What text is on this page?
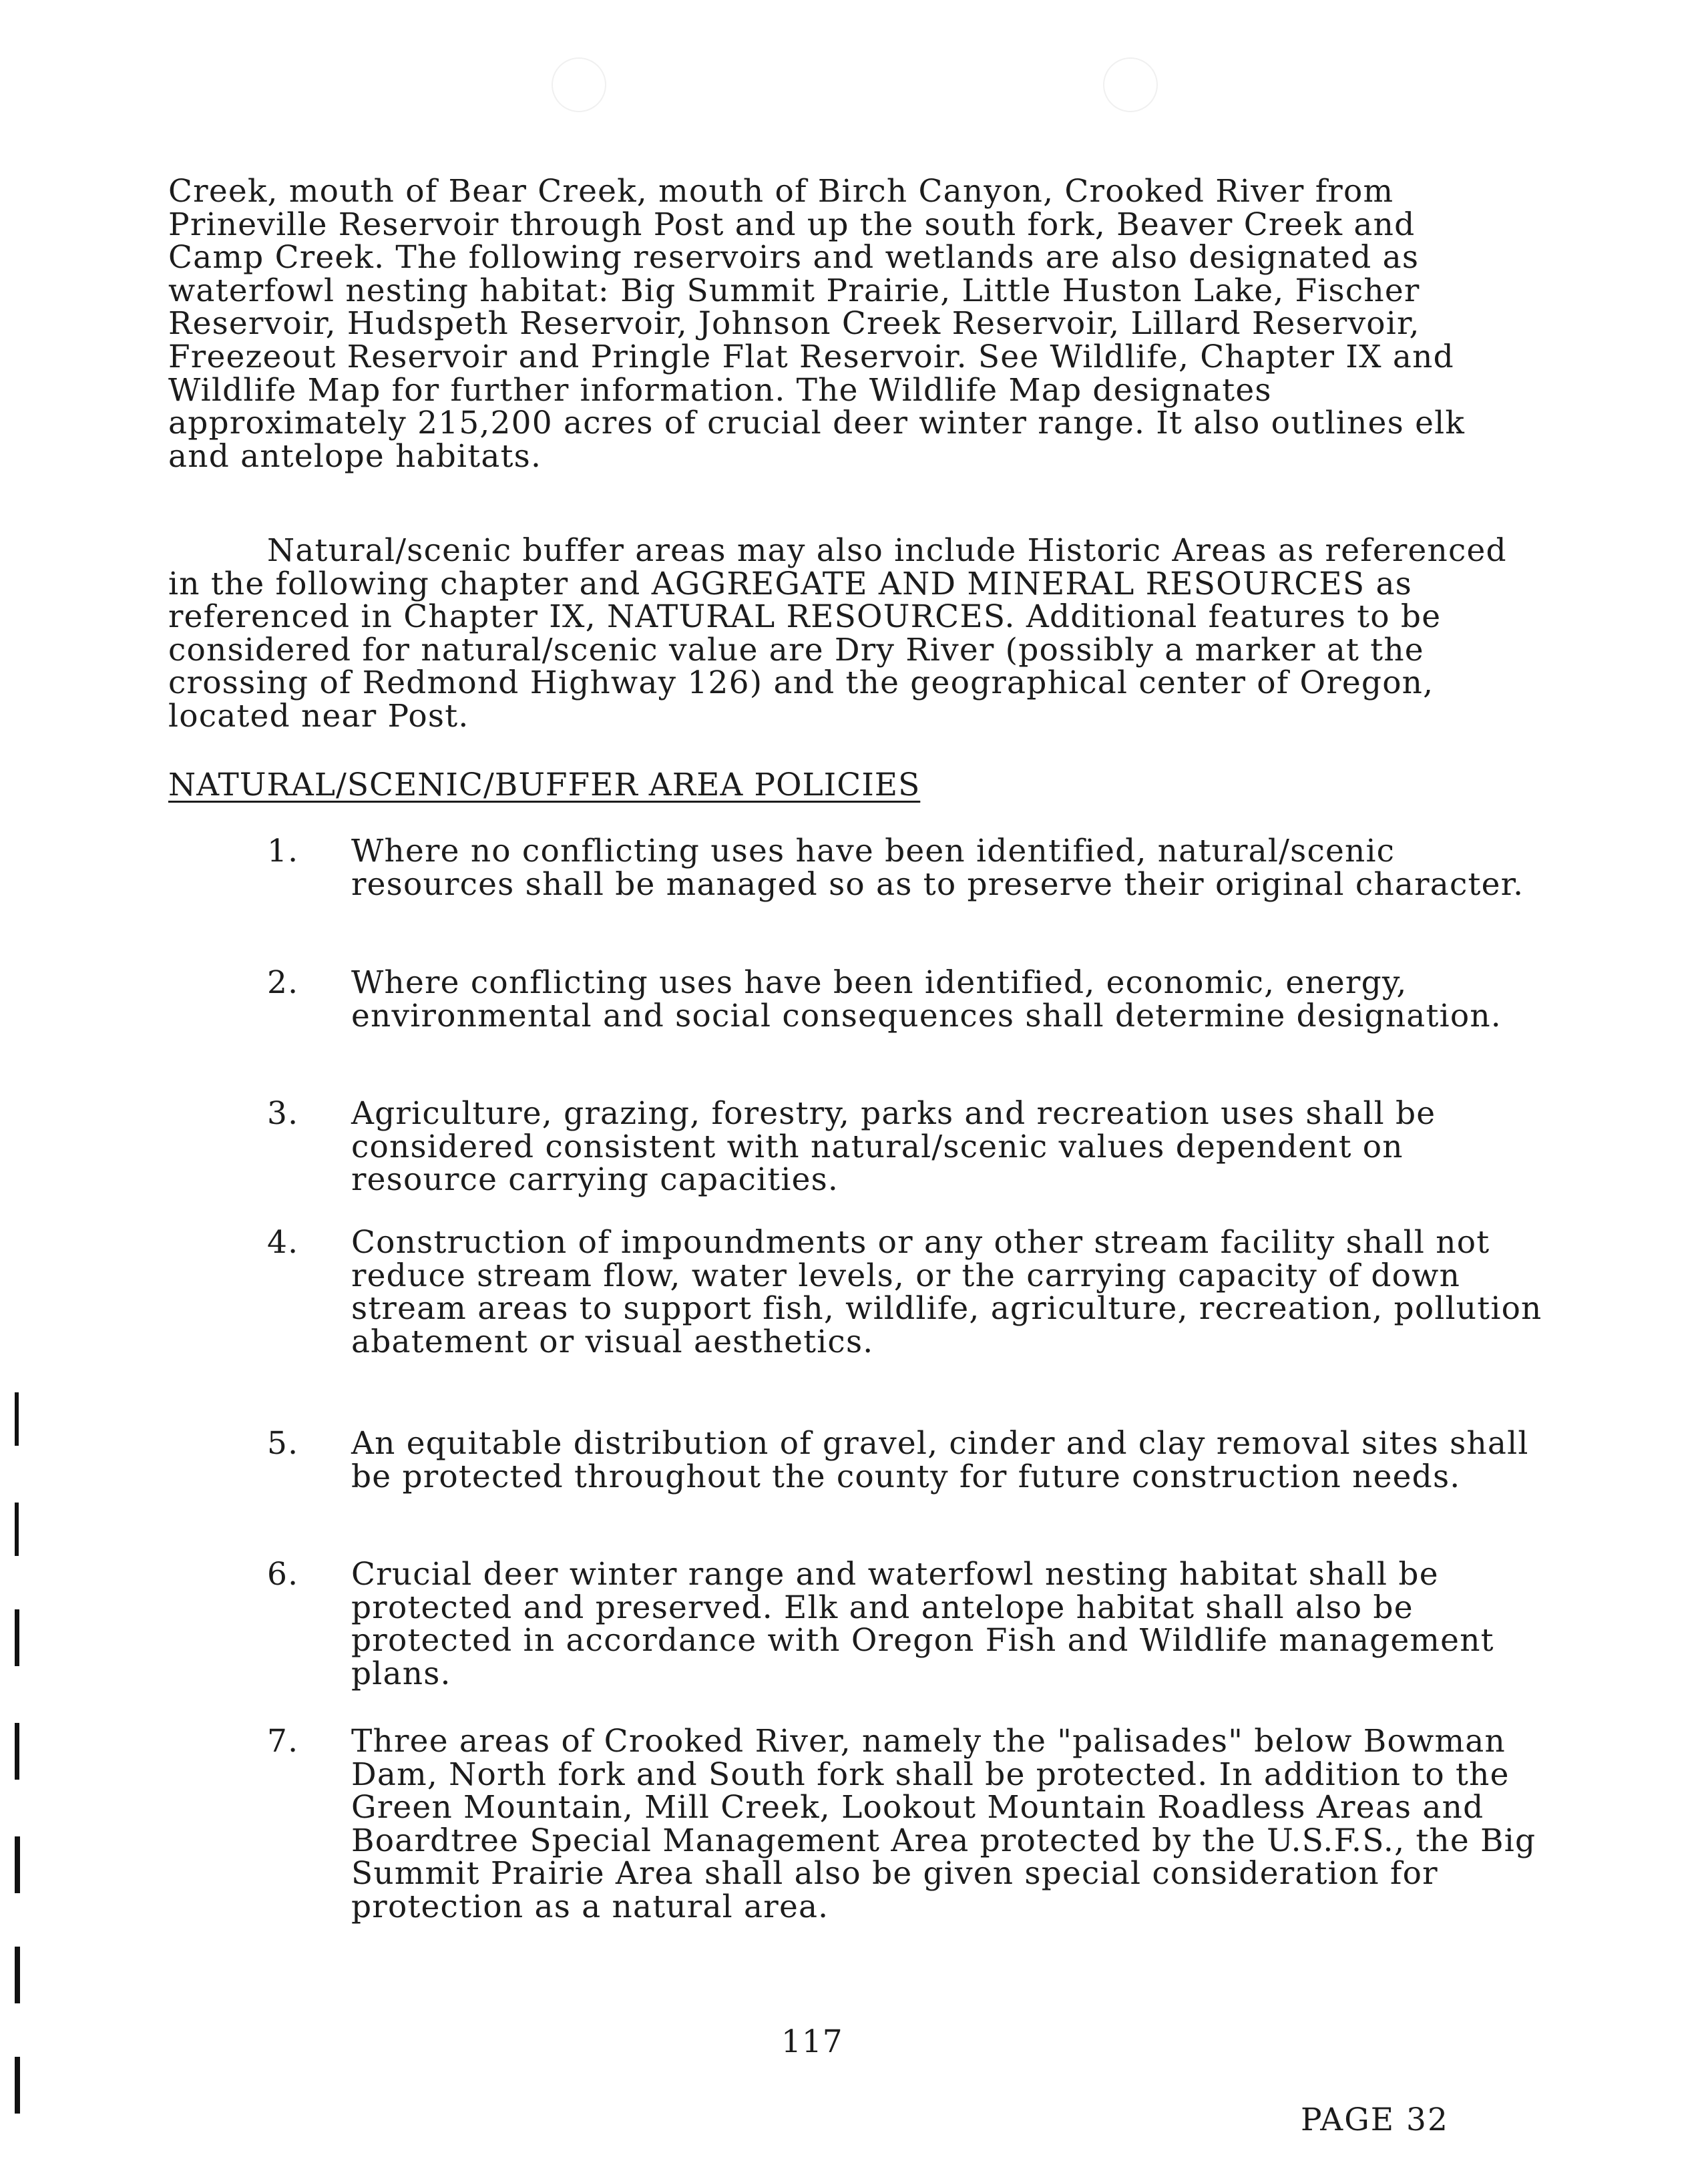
Creek, mouth of Bear Creek, mouth of Birch Canyon, Crooked River from Prineville Reservoir through Post and up the south fork, Beaver Creek and Camp Creek. The following reservoirs and wetlands are also designated as waterfowl nesting habitat: Big Summit Prairie, Little Huston Lake, Fischer Reservoir, Hudspeth Reservoir, Johnson Creek Reservoir, Lillard Reservoir, Freezeout Reservoir and Pringle Flat Reservoir. See Wildlife, Chapter IX and Wildlife Map for further information. The Wildlife Map designates approximately 215,200 acres of crucial deer winter range. It also outlines elk and antelope habitats.

Natural/scenic buffer areas may also include Historic Areas as referenced in the following chapter and AGGREGATE AND MINERAL RESOURCES as referenced in Chapter IX, NATURAL RESOURCES. Additional features to be considered for natural/scenic value are Dry River (possibly a marker at the crossing of Redmond Highway 126) and the geographical center of Oregon, located near Post.

NATURAL/SCENIC/BUFFER AREA POLICIES
1.	Where no conflicting uses have been identified, natural/scenic resources shall be managed so as to preserve their original character.
2.	Where conflicting uses have been identified, economic, energy, environmental and social consequences shall determine designation.
3.	Agriculture, grazing, forestry, parks and recreation uses shall be considered consistent with natural/scenic values dependent on resource carrying capacities.
4.	Construction of impoundments or any other stream facility shall not reduce stream flow, water levels, or the carrying capacity of down stream areas to support fish, wildlife, agriculture, recreation, pollution abatement or visual aesthetics.
5.	An equitable distribution of gravel, cinder and clay removal sites shall be protected throughout the county for future construction needs.
6.	Crucial deer winter range and waterfowl nesting habitat shall be protected and preserved. Elk and antelope habitat shall also be protected in accordance with Oregon Fish and Wildlife management plans.
7.	Three areas of Crooked River, namely the "palisades" below Bowman Dam, North fork and South fork shall be protected. In addition to the Green Mountain, Mill Creek, Lookout Mountain Roadless Areas and Boardtree Special Management Area protected by the U.S.F.S., the Big Summit Prairie Area shall also be given special consideration for protection as a natural area.
117
PAGE 32
